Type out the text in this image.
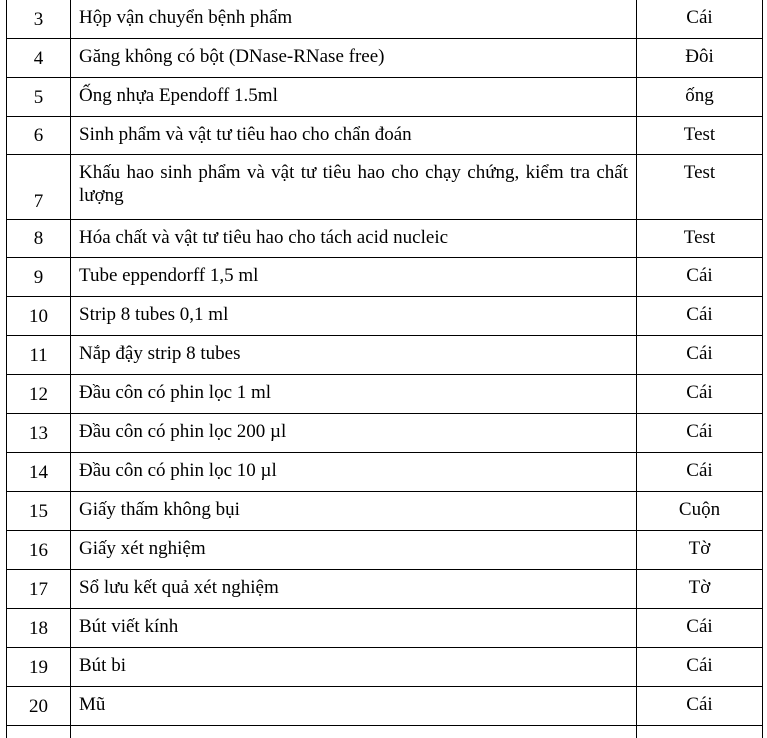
3	Hộp vận chuyển bệnh phẩm	Cái
4	Găng không có bột (DNase-RNase free)	Đôi
5	Ống nhựa Ependoff 1.5ml	ống
6	Sinh phẩm và vật tư tiêu hao cho chẩn đoán	Test
7	Khấu hao sinh phẩm và vật tư tiêu hao cho chạy chứng, kiểm tra chất lượng	Test
8	Hóa chất và vật tư tiêu hao cho tách acid nucleic	Test
9	Tube eppendorff 1,5 ml	Cái
10	Strip 8 tubes 0,1 ml	Cái
11	Nắp đậy strip 8 tubes	Cái
12	Đầu côn có phin lọc 1 ml	Cái
13	Đầu côn có phin lọc 200 µl	Cái
14	Đầu côn có phin lọc 10 µl	Cái
15	Giấy thấm không bụi	Cuộn
16	Giấy xét nghiệm	Tờ
17	Sổ lưu kết quả xét nghiệm	Tờ
18	Bút viết kính	Cái
19	Bút bi	Cái
20	Mũ	Cái
